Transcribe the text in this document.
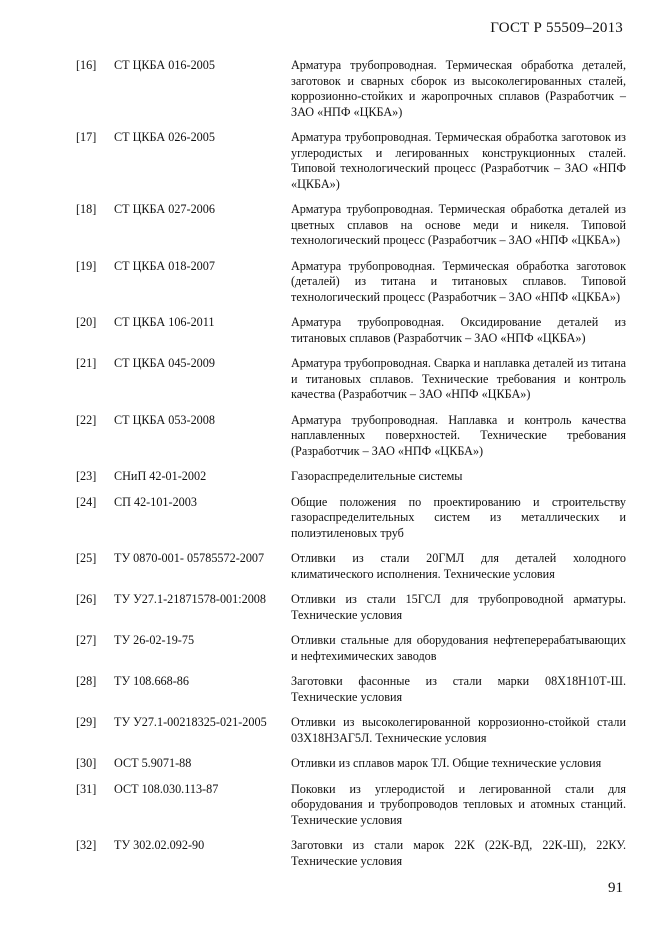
ГОСТ Р 55509–2013
[16]	СТ ЦКБА 016-2005	Арматура трубопроводная. Термическая обработка деталей, заготовок и сварных сборок из высоколегированных сталей, коррозионно-стойких и жаропрочных сплавов (Разработчик – ЗАО «НПФ «ЦКБА»)
[17]	СТ ЦКБА 026-2005	Арматура трубопроводная. Термическая обработка заготовок из углеродистых и легированных конструкционных сталей. Типовой технологический процесс (Разработчик – ЗАО «НПФ «ЦКБА»)
[18]	СТ ЦКБА 027-2006	Арматура трубопроводная. Термическая обработка деталей из цветных сплавов на основе меди и никеля. Типовой технологический процесс (Разработчик – ЗАО «НПФ «ЦКБА»)
[19]	СТ ЦКБА 018-2007	Арматура трубопроводная. Термическая обработка заготовок (деталей) из титана и титановых сплавов. Типовой технологический процесс (Разработчик – ЗАО «НПФ «ЦКБА»)
[20]	СТ ЦКБА 106-2011	Арматура трубопроводная. Оксидирование деталей из титановых сплавов (Разработчик – ЗАО «НПФ «ЦКБА»)
[21]	СТ ЦКБА 045-2009	Арматура трубопроводная. Сварка и наплавка деталей из титана и титановых сплавов. Технические требования и контроль качества (Разработчик – ЗАО «НПФ «ЦКБА»)
[22]	СТ ЦКБА 053-2008	Арматура трубопроводная. Наплавка и контроль качества наплавленных поверхностей. Технические требования (Разработчик – ЗАО «НПФ «ЦКБА»)
[23]	СНиП 42-01-2002	Газораспределительные системы
[24]	СП 42-101-2003	Общие положения по проектированию и строительству газораспределительных систем из металлических и полиэтиленовых труб
[25]	ТУ 0870-001- 05785572-2007	Отливки из стали 20ГМЛ для деталей холодного климатического исполнения. Технические условия
[26]	ТУ У27.1-21871578-001:2008	Отливки из стали 15ГСЛ для трубопроводной арматуры. Технические условия
[27]	ТУ 26-02-19-75	Отливки стальные для оборудования нефтеперерабатывающих и нефтехимических заводов
[28]	ТУ 108.668-86	Заготовки фасонные из стали марки 08Х18Н10Т-Ш. Технические условия
[29]	ТУ У27.1-00218325-021-2005	Отливки из высоколегированной коррозионно-стойкой стали 03Х18Н3АГ5Л. Технические условия
[30]	ОСТ 5.9071-88	Отливки из сплавов марок ТЛ. Общие технические условия
[31]	ОСТ 108.030.113-87	Поковки из углеродистой и легированной стали для оборудования и трубопроводов тепловых и атомных станций. Технические условия
[32]	ТУ 302.02.092-90	Заготовки из стали марок 22К (22К-ВД, 22К-Ш), 22КУ. Технические условия
91
